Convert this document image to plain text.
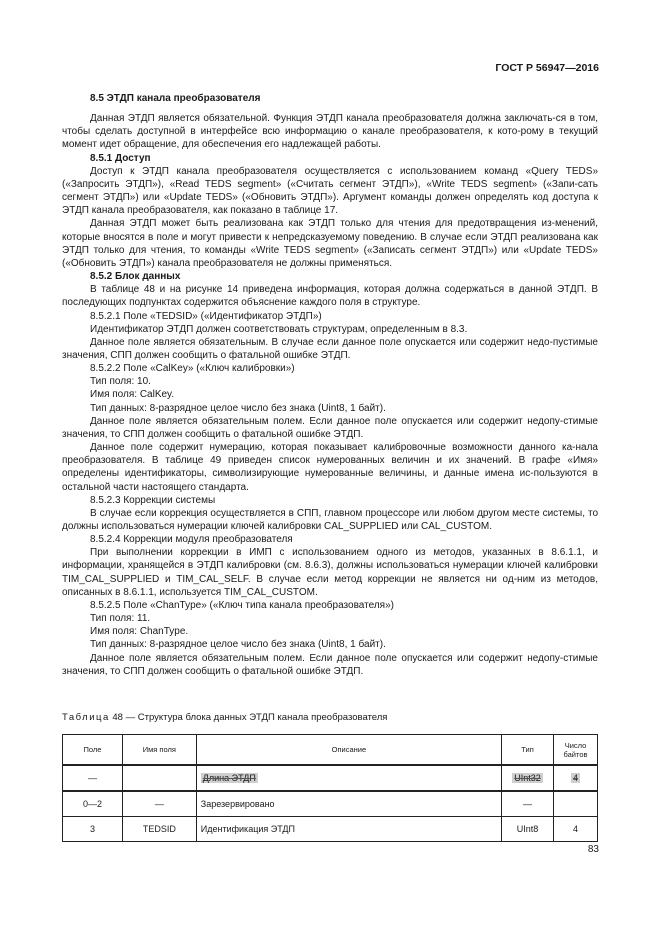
ГОСТ Р 56947—2016

8.5 ЭТДП канала преобразователя

Данная ЭТДП является обязательной. Функция ЭТДП канала преобразователя должна заключать-ся в том, чтобы сделать доступной в интерфейсе всю информацию о канале преобразователя, к кото-рому в текущий момент идет обращение, для обеспечения его надлежащей работы.

8.5.1 Доступ

Доступ к ЭТДП канала преобразователя осуществляется с использованием команд «Query TEDS» («Запросить ЭТДП»), «Read TEDS segment» («Считать сегмент ЭТДП»), «Write TEDS segment» («Запи-сать сегмент ЭТДП») или «Update TEDS» («Обновить ЭТДП»). Аргумент команды должен определять код доступа к ЭТДП канала преобразователя, как показано в таблице 17.

Данная ЭТДП может быть реализована как ЭТДП только для чтения для предотвращения из-менений, которые вносятся в поле и могут привести к непредсказуемому поведению. В случае если ЭТДП реализована как ЭТДП только для чтения, то команды «Write TEDS segment» («Записать сегмент ЭТДП») или «Update TEDS» («Обновить ЭТДП») канала преобразователя не должны применяться.

8.5.2 Блок данных

В таблице 48 и на рисунке 14 приведена информация, которая должна содержаться в данной ЭТДП. В последующих подпунктах содержится объяснение каждого поля в структуре.

8.5.2.1 Поле «TEDSID» («Идентификатор ЭТДП»)

Идентификатор ЭТДП должен соответствовать структурам, определенным в 8.3.

Данное поле является обязательным. В случае если данное поле опускается или содержит недо-пустимые значения, СПП должен сообщить о фатальной ошибке ЭТДП.

8.5.2.2 Поле «CalKey» («Ключ калибровки»)

Тип поля: 10.

Имя поля: CalKey.

Тип данных: 8-разрядное целое число без знака (Uint8, 1 байт).

Данное поле является обязательным полем. Если данное поле опускается или содержит недопу-стимые значения, то СПП должен сообщить о фатальной ошибке ЭТДП.

Данное поле содержит нумерацию, которая показывает калибровочные возможности данного ка-нала преобразователя. В таблице 49 приведен список нумерованных величин и их значений. В графе «Имя» определены идентификаторы, символизирующие нумерованные величины, и данные имена ис-пользуются в остальной части настоящего стандарта.

8.5.2.3 Коррекции системы

В случае если коррекция осуществляется в СПП, главном процессоре или любом другом месте системы, то должны использоваться нумерации ключей калибровки CAL_SUPPLIED или CAL_CUSTOM.

8.5.2.4 Коррекции модуля преобразователя

При выполнении коррекции в ИМП с использованием одного из методов, указанных в 8.6.1.1, и информации, хранящейся в ЭТДП калибровки (см. 8.6.3), должны использоваться нумерации ключей калибровки TIM_CAL_SUPPLIED и TIM_CAL_SELF. В случае если метод коррекции не является ни од-ним из методов, описанных в 8.6.1.1, используется TIM_CAL_CUSTOM.

8.5.2.5 Поле «ChanType» («Ключ типа канала преобразователя»)

Тип поля: 11.

Имя поля: ChanType.

Тип данных: 8-разрядное целое число без знака (Uint8, 1 байт).

Данное поле является обязательным полем. Если данное поле опускается или содержит недопу-стимые значения, то СПП должен сообщить о фатальной ошибке ЭТДП.

Таблица 48 — Структура блока данных ЭТДП канала преобразователя
Поле	Имя поля	Описание	Тип	Число байтов
—		Длина ЭТДП	UInt32	4
0—2	—	Зарезервировано	—	
3	TEDSID	Идентификация ЭТДП	UInt8	4
83
